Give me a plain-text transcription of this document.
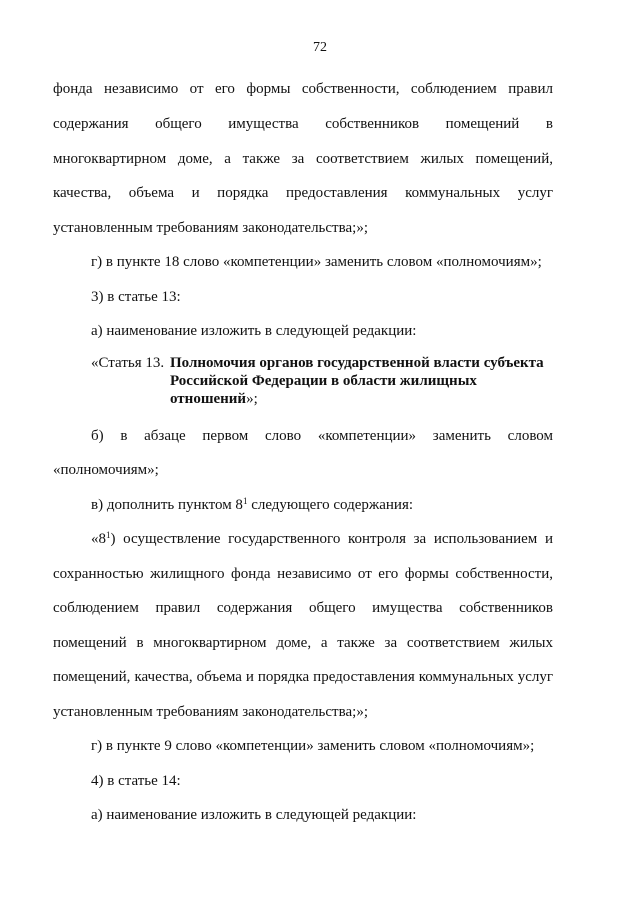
72
фонда независимо от его формы собственности, соблюдением правил
содержания общего имущества собственников помещений в
многоквартирном доме, а также за соответствием жилых помещений,
качества, объема и порядка предоставления коммунальных услуг
установленным требованиям законодательства;»;
г) в пункте 18 слово «компетенции» заменить словом «полномочиям»;
3) в статье 13:
а) наименование изложить в следующей редакции:
«Статья 13. Полномочия органов государственной власти субъекта Российской Федерации в области жилищных отношений»;
б) в абзаце первом слово «компетенции» заменить словом
«полномочиям»;
в) дополнить пунктом $8^1$ следующего содержания:
«$8^1$) осуществление государственного контроля за использованием и
сохранностью жилищного фонда независимо от его формы собственности,
соблюдением правил содержания общего имущества собственников
помещений в многоквартирном доме, а также за соответствием жилых
помещений, качества, объема и порядка предоставления коммунальных услуг
установленным требованиям законодательства;»;
г) в пункте 9 слово «компетенции» заменить словом «полномочиям»;
4) в статье 14:
а) наименование изложить в следующей редакции:
